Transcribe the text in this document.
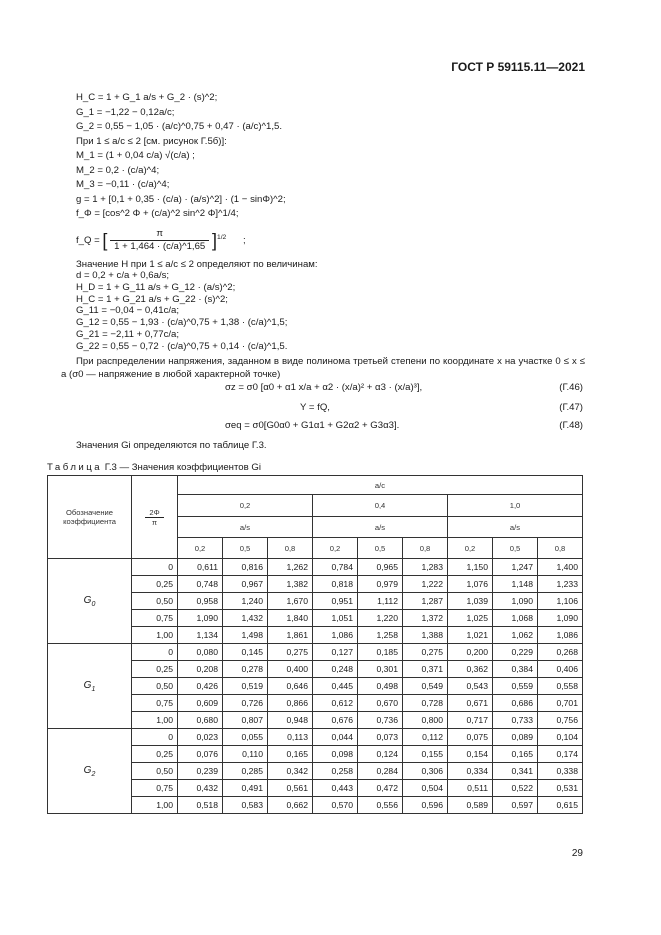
ГОСТ Р 59115.11—2021
H_C = 1 + G_1 a/s + G_2 · (s)^2;
G_1 = −1,22 − 0,12a/c;
G_2 = 0,55 − 1,05 · (a/c)^0,75 + 0,47 · (a/c)^1,5.
При 1 ≤ a/c ≤ 2 [см. рисунок Г.5б)]:
M_1 = (1 + 0,04 c/a) √(c/a) ;
M_2 = 0,2 · (c/a)^4;
M_3 = −0,11 · (c/a)^4;
g = 1 + [0,1 + 0,35 · (c/a) · (a/s)^2] · (1 − sinΦ)^2;
f_Φ = [cos^2 Φ + (c/a)^2 sin^2 Φ]^1/4;
f_Q = [ $\frac{\pi}{1 + 1,464 \cdot (c/a)\^{}1,65} ]^{1/2}$ ;
Значение H при 1 ≤ a/c ≤ 2 определяют по величинам:
d = 0,2 + c/a + 0,6a/s;
H_D = 1 + G_11 a/s + G_12 · (a/s)^2;
H_C = 1 + G_21 a/s + G_22 · (s)^2;
G_11 = −0,04 − 0,41c/a;
G_12 = 0,55 − 1,93 · (c/a)^0,75 + 1,38 · (c/a)^1,5;
G_21 = −2,11 + 0,77c/a;
G_22 = 0,55 − 0,72 · (c/a)^0,75 + 0,14 · (c/a)^1,5.
При распределении напряжения, заданном в виде полинома третьей степени по координате x на участке 0 ≤ x ≤ a (σ0 — напряжение в любой характерной точке)
σz = σ0 [α0 + α1 x/a + α2 · (x/a)² + α3 · (x/a)³],	(Г.46)
Y = fQ,	(Г.47)
σeq = σ0[G0α0 + G1α1 + G2α2 + G3α3].	(Г.48)
Значения Gi определяются по таблице Г.3.
Таблица Г.3 — Значения коэффициентов Gi
Обозначение коэффициента	$\frac{2\Phi}{\pi}$	a/c								
		0,2			0,4			1,0		
		a/s			a/s			a/s		
		0,2	0,5	0,8	0,2	0,5	0,8	0,2	0,5	0,8
$G_0$	0	0,611	0,816	1,262	0,784	0,965	1,283	1,150	1,247	1,400
	0,25	0,748	0,967	1,382	0,818	0,979	1,222	1,076	1,148	1,233
	0,50	0,958	1,240	1,670	0,951	1,112	1,287	1,039	1,090	1,106
	0,75	1,090	1,432	1,840	1,051	1,220	1,372	1,025	1,068	1,090
	1,00	1,134	1,498	1,861	1,086	1,258	1,388	1,021	1,062	1,086
$G_1$	0	0,080	0,145	0,275	0,127	0,185	0,275	0,200	0,229	0,268
	0,25	0,208	0,278	0,400	0,248	0,301	0,371	0,362	0,384	0,406
	0,50	0,426	0,519	0,646	0,445	0,498	0,549	0,543	0,559	0,558
	0,75	0,609	0,726	0,866	0,612	0,670	0,728	0,671	0,686	0,701
	1,00	0,680	0,807	0,948	0,676	0,736	0,800	0,717	0,733	0,756
$G_2$	0	0,023	0,055	0,113	0,044	0,073	0,112	0,075	0,089	0,104
	0,25	0,076	0,110	0,165	0,098	0,124	0,155	0,154	0,165	0,174
	0,50	0,239	0,285	0,342	0,258	0,284	0,306	0,334	0,341	0,338
	0,75	0,432	0,491	0,561	0,443	0,472	0,504	0,511	0,522	0,531
	1,00	0,518	0,583	0,662	0,570	0,556	0,596	0,589	0,597	0,615
29
